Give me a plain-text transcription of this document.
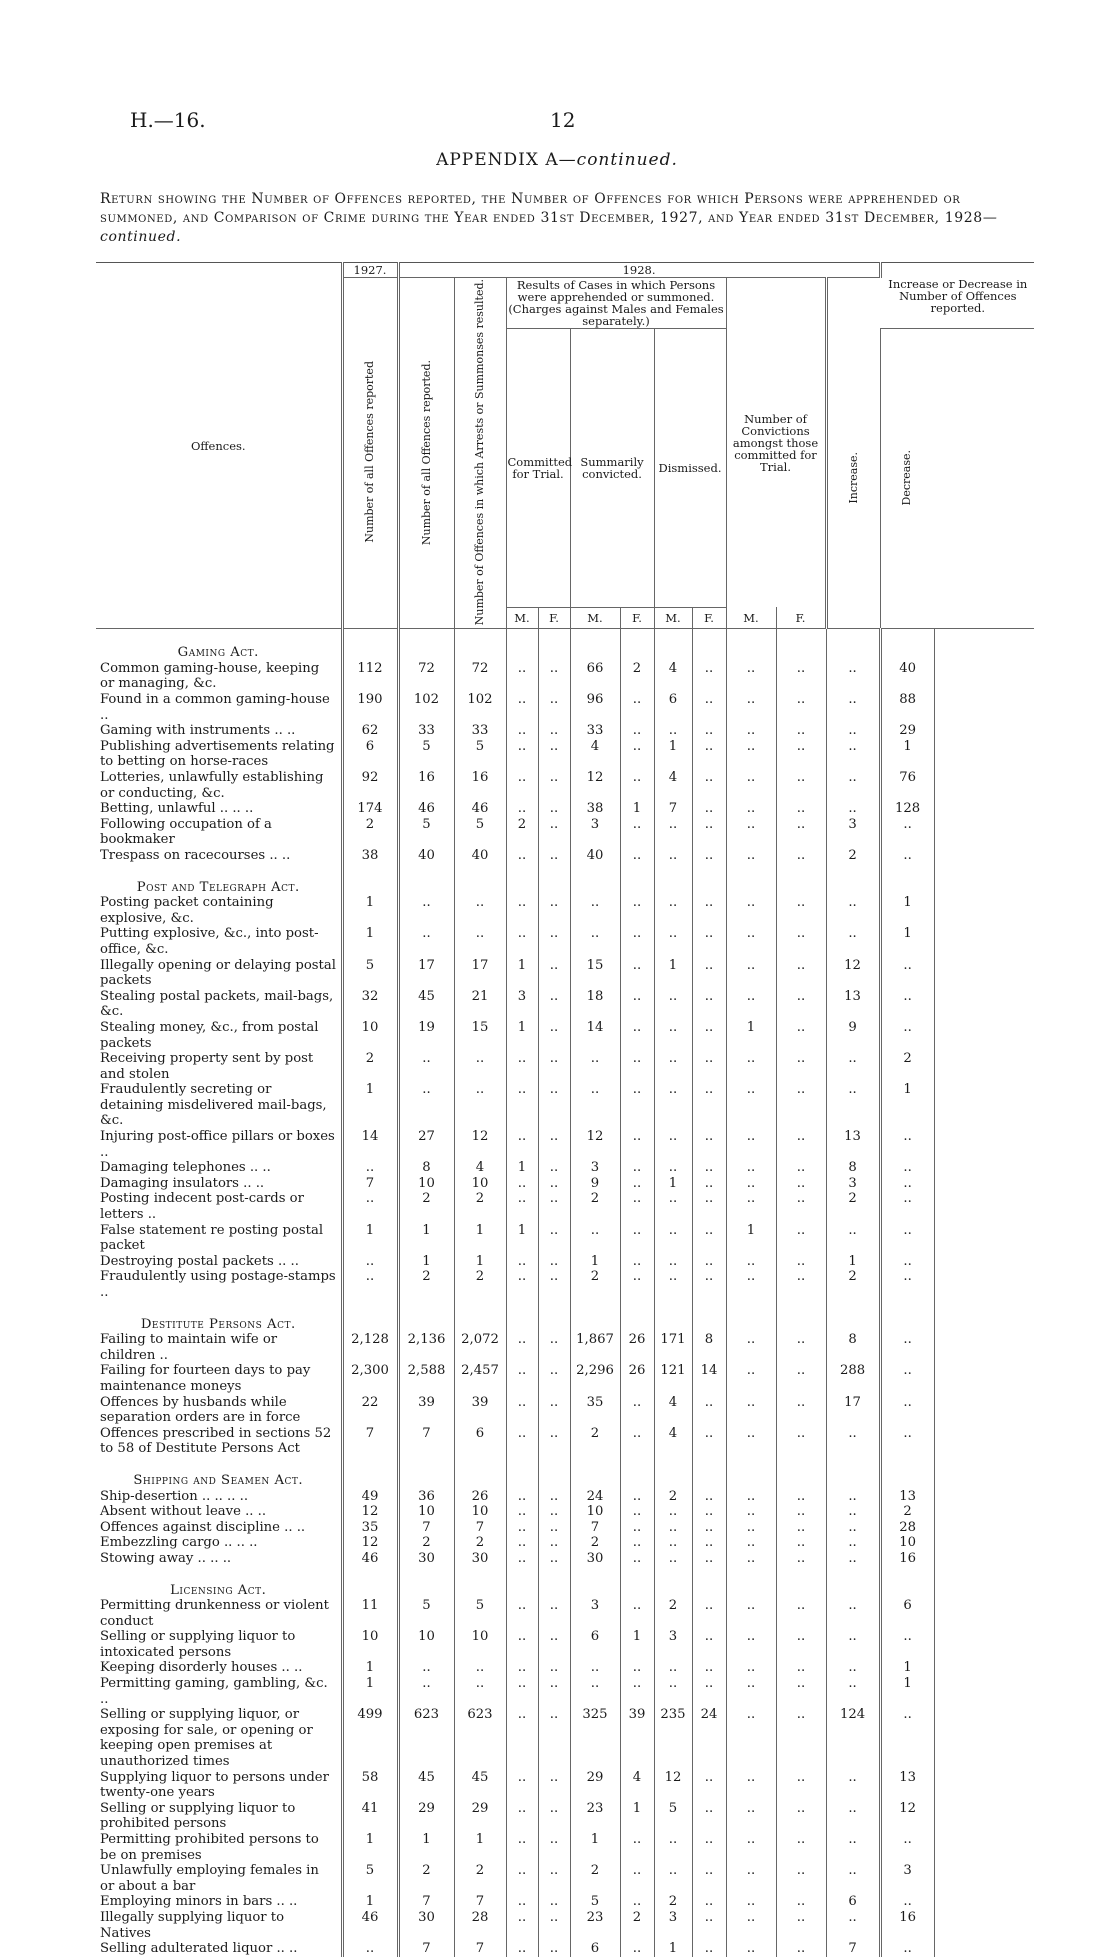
H.—16.	12
APPENDIX A—continued.
Return showing the Number of Offences reported, the Number of Offences for which Persons were apprehended or summoned, and Comparison of Crime during the Year ended 31st December, 1927, and Year ended 31st December, 1928—continued.
Offences.	1927.	1928.											Increase or Decrease in Number of Offences reported.
	Number of all Offences reported	Number of all Offences reported.	Number of Offences in which Arrests or Summonses resulted.	Results of Cases in which Persons were apprehended or summoned. (Charges against Males and Females separately.)						Number of Convictions amongst those committed for Trial.			
				Committed for Trial.		Summarily convicted.		Dismissed.				Increase.	Decrease.
				M.	F.	M.	F.	M.	F.	M.	F.		
Gaming Act.													
Common gaming-house, keeping or managing, &c.	112	72	72	..	..	66	2	4	..	..	..	..	40
Found in a common gaming-house ..	190	102	102	..	..	96	..	6	..	..	..	..	88
Gaming with instruments .. ..	62	33	33	..	..	33	..	..	..	..	..	..	29
Publishing advertisements relating to betting on horse-races	6	5	5	..	..	4	..	1	..	..	..	..	1
Lotteries, unlawfully establishing or conducting, &c.	92	16	16	..	..	12	..	4	..	..	..	..	76
Betting, unlawful .. .. ..	174	46	46	..	..	38	1	7	..	..	..	..	128
Following occupation of a bookmaker	2	5	5	2	..	3	..	..	..	..	..	3	..
Trespass on racecourses .. ..	38	40	40	..	..	40	..	..	..	..	..	2	..
Post and Telegraph Act.													
Posting packet containing explosive, &c.	1	..	..	..	..	..	..	..	..	..	..	..	1
Putting explosive, &c., into post-office, &c.	1	..	..	..	..	..	..	..	..	..	..	..	1
Illegally opening or delaying postal packets	5	17	17	1	..	15	..	1	..	..	..	12	..
Stealing postal packets, mail-bags, &c.	32	45	21	3	..	18	..	..	..	..	..	13	..
Stealing money, &c., from postal packets	10	19	15	1	..	14	..	..	..	1	..	9	..
Receiving property sent by post and stolen	2	..	..	..	..	..	..	..	..	..	..	..	2
Fraudulently secreting or detaining misdelivered mail-bags, &c.	1	..	..	..	..	..	..	..	..	..	..	..	1
Injuring post-office pillars or boxes ..	14	27	12	..	..	12	..	..	..	..	..	13	..
Damaging telephones .. ..	..	8	4	1	..	3	..	..	..	..	..	8	..
Damaging insulators .. ..	7	10	10	..	..	9	..	1	..	..	..	3	..
Posting indecent post-cards or letters ..	..	2	2	..	..	2	..	..	..	..	..	2	..
False statement re posting postal packet	1	1	1	1	..	..	..	..	..	1	..	..	..
Destroying postal packets .. ..	..	1	1	..	..	1	..	..	..	..	..	1	..
Fraudulently using postage-stamps ..	..	2	2	..	..	2	..	..	..	..	..	2	..
Destitute Persons Act.													
Failing to maintain wife or children ..	2,128	2,136	2,072	..	..	1,867	26	171	8	..	..	8	..
Failing for fourteen days to pay maintenance moneys	2,300	2,588	2,457	..	..	2,296	26	121	14	..	..	288	..
Offences by husbands while separation orders are in force	22	39	39	..	..	35	..	4	..	..	..	17	..
Offences prescribed in sections 52 to 58 of Destitute Persons Act	7	7	6	..	..	2	..	4	..	..	..	..	..
Shipping and Seamen Act.													
Ship-desertion .. .. .. ..	49	36	26	..	..	24	..	2	..	..	..	..	13
Absent without leave .. ..	12	10	10	..	..	10	..	..	..	..	..	..	2
Offences against discipline .. ..	35	7	7	..	..	7	..	..	..	..	..	..	28
Embezzling cargo .. .. ..	12	2	2	..	..	2	..	..	..	..	..	..	10
Stowing away .. .. ..	46	30	30	..	..	30	..	..	..	..	..	..	16
Licensing Act.													
Permitting drunkenness or violent conduct	11	5	5	..	..	3	..	2	..	..	..	..	6
Selling or supplying liquor to intoxicated persons	10	10	10	..	..	6	1	3	..	..	..	..	..
Keeping disorderly houses .. ..	1	..	..	..	..	..	..	..	..	..	..	..	1
Permitting gaming, gambling, &c. ..	1	..	..	..	..	..	..	..	..	..	..	..	1
Selling or supplying liquor, or exposing for sale, or opening or keeping open premises at unauthorized times	499	623	623	..	..	325	39	235	24	..	..	124	..
Supplying liquor to persons under twenty-one years	58	45	45	..	..	29	4	12	..	..	..	..	13
Selling or supplying liquor to prohibited persons	41	29	29	..	..	23	1	5	..	..	..	..	12
Permitting prohibited persons to be on premises	1	1	1	..	..	1	..	..	..	..	..	..	..
Unlawfully employing females in or about a bar	5	2	2	..	..	2	..	..	..	..	..	..	3
Employing minors in bars .. ..	1	7	7	..	..	5	..	2	..	..	..	6	..
Illegally supplying liquor to Natives	46	30	28	..	..	23	2	3	..	..	..	..	16
Selling adulterated liquor .. ..	..	7	7	..	..	6	..	1	..	..	..	7	..
